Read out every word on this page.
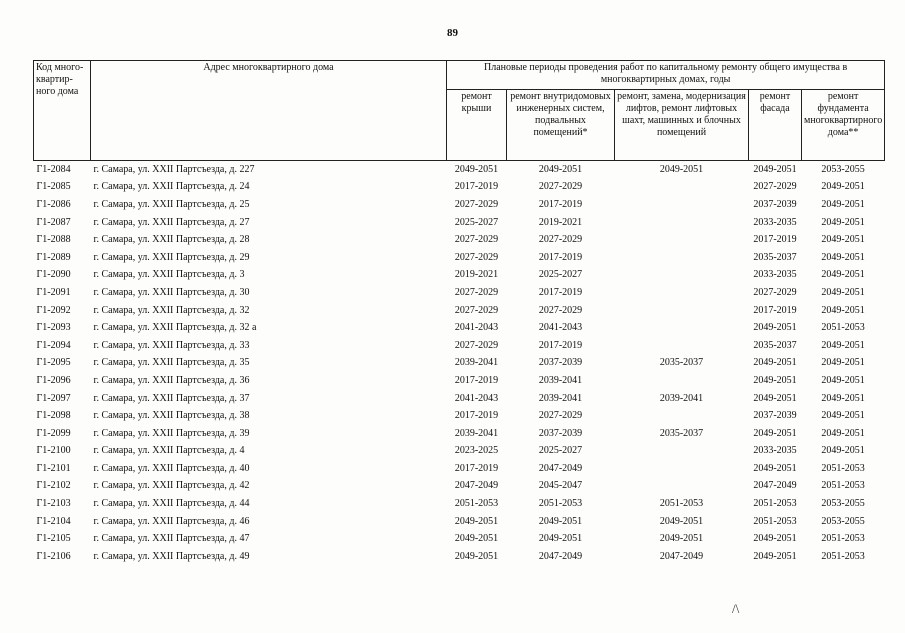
89
Код много-квартир-ного дома	Адрес многоквартирного дома	Плановые периоды проведения работ по капитальному ремонту общего имущества в многоквартирных домах, годы				
		ремонт крыши	ремонт внутридомовых инженерных систем, подвальных помещений*	ремонт, замена, модернизация лифтов, ремонт лифтовых шахт, машинных и блочных помещений	ремонт фасада	ремонт фундамента многоквартирного дома**
Г1-2084	г. Самара, ул. XXII Партсъезда, д. 227	2049-2051	2049-2051	2049-2051	2049-2051	2053-2055
Г1-2085	г. Самара, ул. XXII Партсъезда, д. 24	2017-2019	2027-2029		2027-2029	2049-2051
Г1-2086	г. Самара, ул. XXII Партсъезда, д. 25	2027-2029	2017-2019		2037-2039	2049-2051
Г1-2087	г. Самара, ул. XXII Партсъезда, д. 27	2025-2027	2019-2021		2033-2035	2049-2051
Г1-2088	г. Самара, ул. XXII Партсъезда, д. 28	2027-2029	2027-2029		2017-2019	2049-2051
Г1-2089	г. Самара, ул. XXII Партсъезда, д. 29	2027-2029	2017-2019		2035-2037	2049-2051
Г1-2090	г. Самара, ул. XXII Партсъезда, д. 3	2019-2021	2025-2027		2033-2035	2049-2051
Г1-2091	г. Самара, ул. XXII Партсъезда, д. 30	2027-2029	2017-2019		2027-2029	2049-2051
Г1-2092	г. Самара, ул. XXII Партсъезда, д. 32	2027-2029	2027-2029		2017-2019	2049-2051
Г1-2093	г. Самара, ул. XXII Партсъезда, д. 32 а	2041-2043	2041-2043		2049-2051	2051-2053
Г1-2094	г. Самара, ул. XXII Партсъезда, д. 33	2027-2029	2017-2019		2035-2037	2049-2051
Г1-2095	г. Самара, ул. XXII Партсъезда, д. 35	2039-2041	2037-2039	2035-2037	2049-2051	2049-2051
Г1-2096	г. Самара, ул. XXII Партсъезда, д. 36	2017-2019	2039-2041		2049-2051	2049-2051
Г1-2097	г. Самара, ул. XXII Партсъезда, д. 37	2041-2043	2039-2041	2039-2041	2049-2051	2049-2051
Г1-2098	г. Самара, ул. XXII Партсъезда, д. 38	2017-2019	2027-2029		2037-2039	2049-2051
Г1-2099	г. Самара, ул. XXII Партсъезда, д. 39	2039-2041	2037-2039	2035-2037	2049-2051	2049-2051
Г1-2100	г. Самара, ул. XXII Партсъезда, д. 4	2023-2025	2025-2027		2033-2035	2049-2051
Г1-2101	г. Самара, ул. XXII Партсъезда, д. 40	2017-2019	2047-2049		2049-2051	2051-2053
Г1-2102	г. Самара, ул. XXII Партсъезда, д. 42	2047-2049	2045-2047		2047-2049	2051-2053
Г1-2103	г. Самара, ул. XXII Партсъезда, д. 44	2051-2053	2051-2053	2051-2053	2051-2053	2053-2055
Г1-2104	г. Самара, ул. XXII Партсъезда, д. 46	2049-2051	2049-2051	2049-2051	2051-2053	2053-2055
Г1-2105	г. Самара, ул. XXII Партсъезда, д. 47	2049-2051	2049-2051	2049-2051	2049-2051	2051-2053
Г1-2106	г. Самара, ул. XXII Партсъезда, д. 49	2049-2051	2047-2049	2047-2049	2049-2051	2051-2053
/\
